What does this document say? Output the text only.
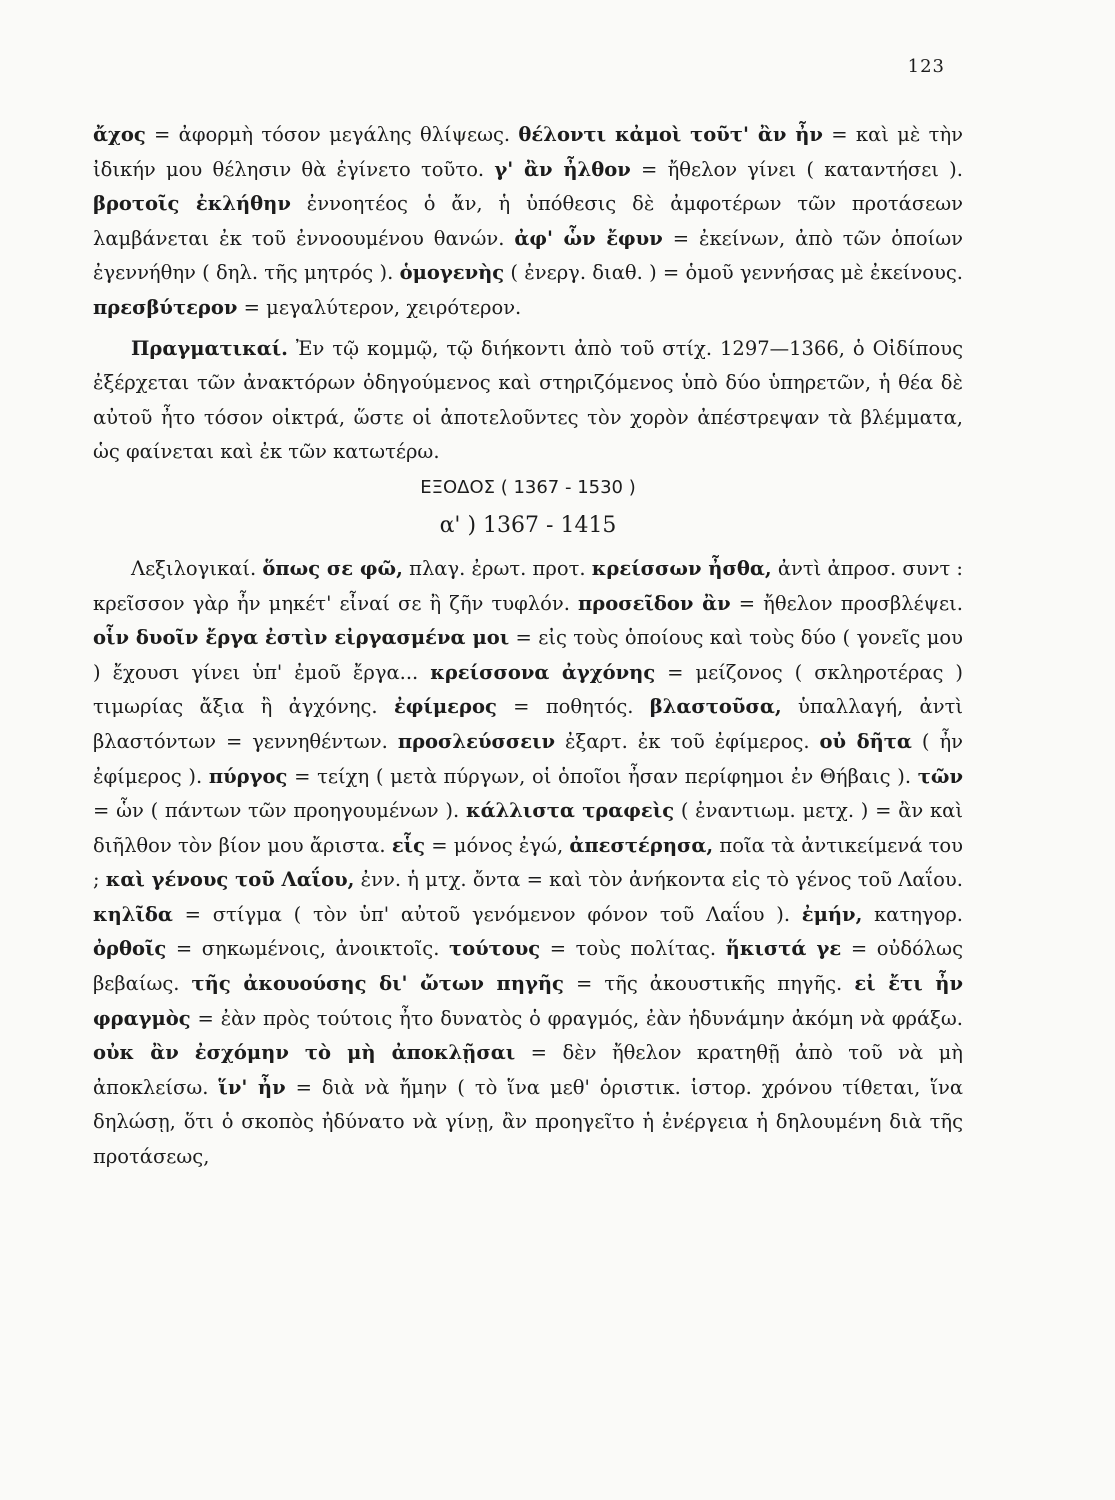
123

ἄχος = ἀφορμὴ τόσον μεγάλης θλίψεως. θέλοντι κἀμοὶ τοῦτ' ἂν ἦν = καὶ μὲ τὴν ἰδικήν μου θέλησιν θὰ ἐγίνετο τοῦτο. γ' ἂν ἦλθον = ἤθελον γίνει ( καταντήσει ). βροτοῖς ἐκλήθην ἐννοητέος ὁ ἄν, ἡ ὑπόθεσις δὲ ἀμφοτέρων τῶν προτάσεων λαμβάνεται ἐκ τοῦ ἐννοουμένου θανών. ἀφ' ὧν ἔφυν = ἐκείνων, ἀπὸ τῶν ὁποίων ἐγεννήθην ( δηλ. τῆς μητρός ). ὁμογενὴς ( ἐνεργ. διαθ. ) = ὁμοῦ γεννήσας μὲ ἐκείνους. πρεσβύτερον = μεγαλύτερον, χειρότερον.

Πραγματικαί. Ἐν τῷ κομμῷ, τῷ διήκοντι ἀπὸ τοῦ στίχ. 1297—1366, ὁ Οἰδίπους ἐξέρχεται τῶν ἀνακτόρων ὁδηγούμενος καὶ στηριζόμενος ὑπὸ δύο ὑπηρετῶν, ἡ θέα δὲ αὐτοῦ ἦτο τόσον οἰκτρά, ὥστε οἱ ἀποτελοῦντες τὸν χορὸν ἀπέστρεψαν τὰ βλέμματα, ὡς φαίνεται καὶ ἐκ τῶν κατωτέρω.

ΕΞΟΔΟΣ ( 1367 - 1530 )

α' ) 1367 - 1415

Λεξιλογικαί. ὅπως σε φῶ, πλαγ. ἐρωτ. προτ. κρείσσων ἦσθα, ἀντὶ ἀπροσ. συντ : κρεῖσσον γὰρ ἦν μηκέτ' εἶναί σε ἢ ζῆν τυφλόν. προσεῖδον ἂν = ἤθελον προσβλέψει. οἷν δυοῖν ἔργα ἐστὶν εἰργασμένα μοι = εἰς τοὺς ὁποίους καὶ τοὺς δύο ( γονεῖς μου ) ἔχουσι γίνει ὑπ' ἐμοῦ ἔργα... κρείσσονα ἀγχόνης = μείζονος ( σκληροτέρας ) τιμωρίας ἄξια ἢ ἀγχόνης. ἐφίμερος = ποθητός. βλαστοῦσα, ὑπαλλαγή, ἀντὶ βλαστόντων = γεννηθέντων. προσλεύσσειν ἐξαρτ. ἐκ τοῦ ἐφίμερος. οὐ δῆτα ( ἦν ἐφίμερος ). πύργος = τείχη ( μετὰ πύργων, οἱ ὁποῖοι ἦσαν περίφημοι ἐν Θήβαις ). τῶν = ὧν ( πάντων τῶν προηγουμένων ). κάλλιστα τραφεὶς ( ἐναντιωμ. μετχ. ) = ἂν καὶ διῆλθον τὸν βίον μου ἄριστα. εἷς = μόνος ἐγώ, ἀπεστέρησα, ποῖα τὰ ἀντικείμενά του ; καὶ γένους τοῦ Λαΐου, ἐνν. ἡ μτχ. ὄντα = καὶ τὸν ἀνήκοντα εἰς τὸ γένος τοῦ Λαΐου. κηλῖδα = στίγμα ( τὸν ὑπ' αὐτοῦ γενόμενον φόνον τοῦ Λαΐου ). ἐμήν, κατηγορ. ὀρθοῖς = σηκωμένοις, ἀνοικτοῖς. τούτους = τοὺς πολίτας. ἥκιστά γε = οὐδόλως βεβαίως. τῆς ἀκουούσης δι' ὤτων πηγῆς = τῆς ἀκουστικῆς πηγῆς. εἰ ἔτι ἦν φραγμὸς = ἐὰν πρὸς τούτοις ἦτο δυνατὸς ὁ φραγμός, ἐὰν ἠδυνάμην ἀκόμη νὰ φράξω. οὐκ ἂν ἐσχόμην τὸ μὴ ἀποκλῇσαι = δὲν ἤθελον κρατηθῇ ἀπὸ τοῦ νὰ μὴ ἀποκλείσω. ἵν' ἦν = διὰ νὰ ἤμην ( τὸ ἵνα μεθ' ὁριστικ. ἱστορ. χρόνου τίθεται, ἵνα δηλώσῃ, ὅτι ὁ σκοπὸς ἠδύνατο νὰ γίνῃ, ἂν προηγεῖτο ἡ ἐνέργεια ἡ δηλουμένη διὰ τῆς προτάσεως,
